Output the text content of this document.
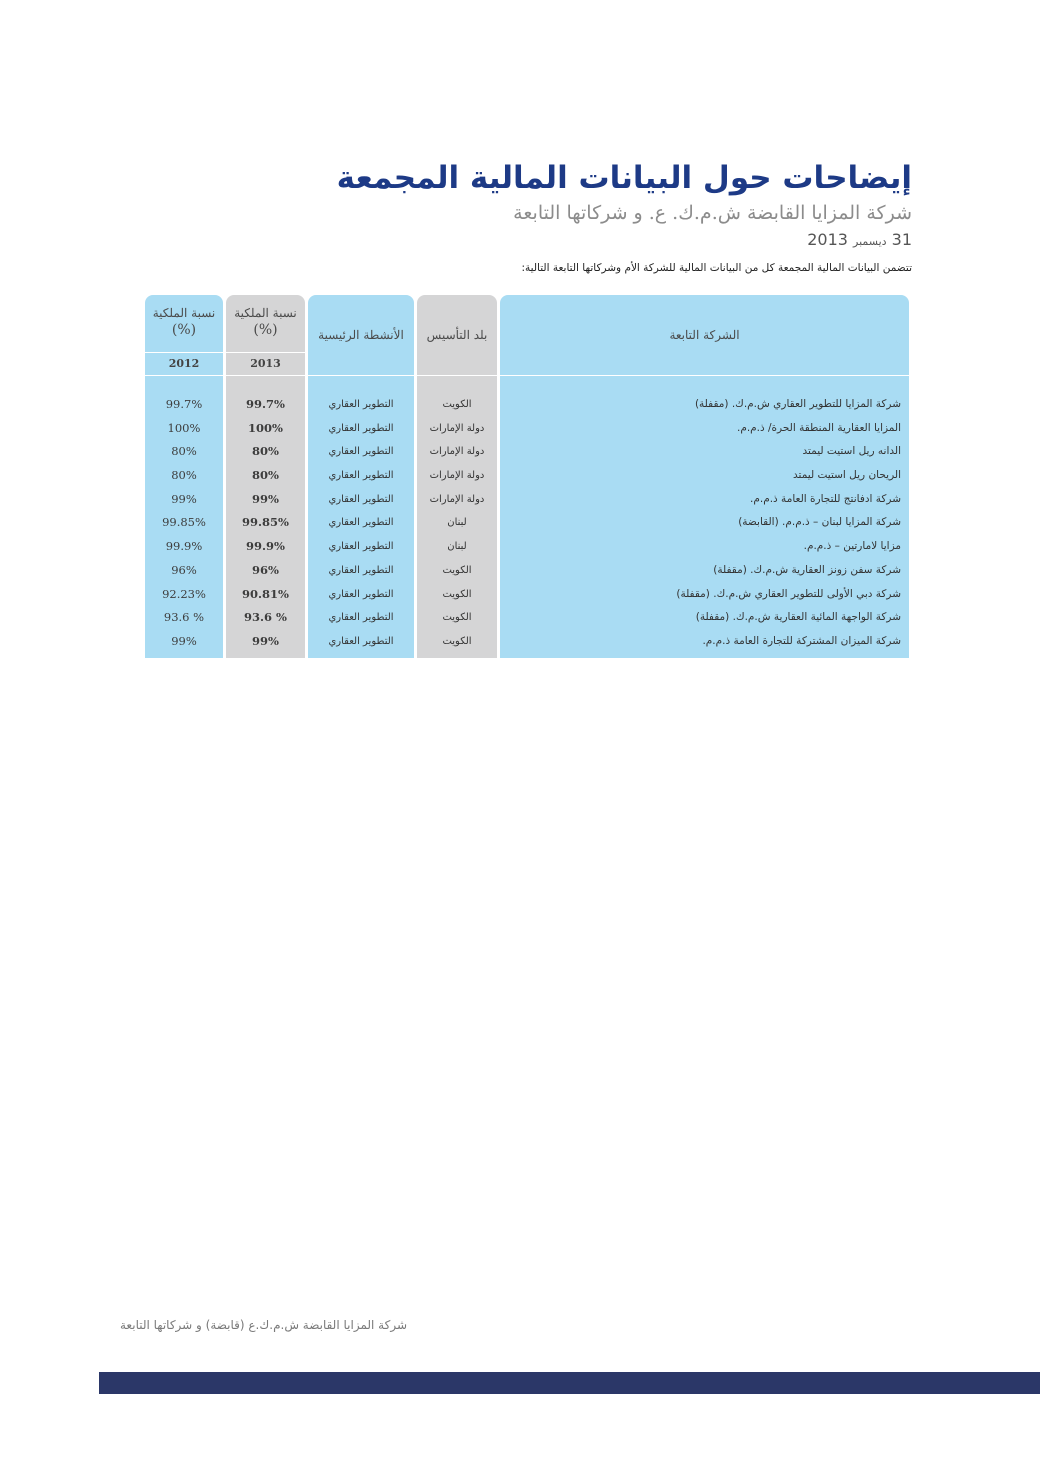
إيضاحات حول البيانات المالية المجمعة
شركة المزايا القابضة ش.م.ك. ع. و شركاتها التابعة
31 ديسمبر 2013
تتضمن البيانات المالية المجمعة كل من البيانات المالية للشركة الأم وشركاتها التابعة التالية:
الشركة التابعة
شركة المزايا للتطوير العقاري ش.م.ك. (مقفلة)
المزايا العقارية المنطقة الحرة/ ذ.م.م.
الدانه ريل استيت ليمتد
الريحان ريل استيت ليمتد
شركة ادفانتج للتجارة العامة ذ.م.م.
شركة المزايا لبنان – ذ.م.م. (القابضة)
مزايا لامارتين – ذ.م.م.
شركة سفن زونز العقارية ش.م.ك. (مقفلة)
شركة دبي الأولى للتطوير العقاري ش.م.ك. (مقفلة)
شركة الواجهة المائية العقارية ش.م.ك. (مقفلة)
شركة الميزان المشتركة للتجارة العامة ذ.م.م.
بلد التأسيس
الكويت
دولة الإمارات
دولة الإمارات
دولة الإمارات
دولة الإمارات
لبنان
لبنان
الكويت
الكويت
الكويت
الكويت
الأنشطة الرئيسية
التطوير العقاري
التطوير العقاري
التطوير العقاري
التطوير العقاري
التطوير العقاري
التطوير العقاري
التطوير العقاري
التطوير العقاري
التطوير العقاري
التطوير العقاري
التطوير العقاري
نسبة الملكية
(%)
2013
99.7%
100%
80%
80%
99%
99.85%
99.9%
96%
90.81%
93.6 %
99%
نسبة الملكية
(%)
2012
99.7%
100%
80%
80%
99%
99.85%
99.9%
96%
92.23%
93.6 %
99%
شركة المزايا القابضة ش.م.ك.ع (قابضة) و شركاتها التابعة
